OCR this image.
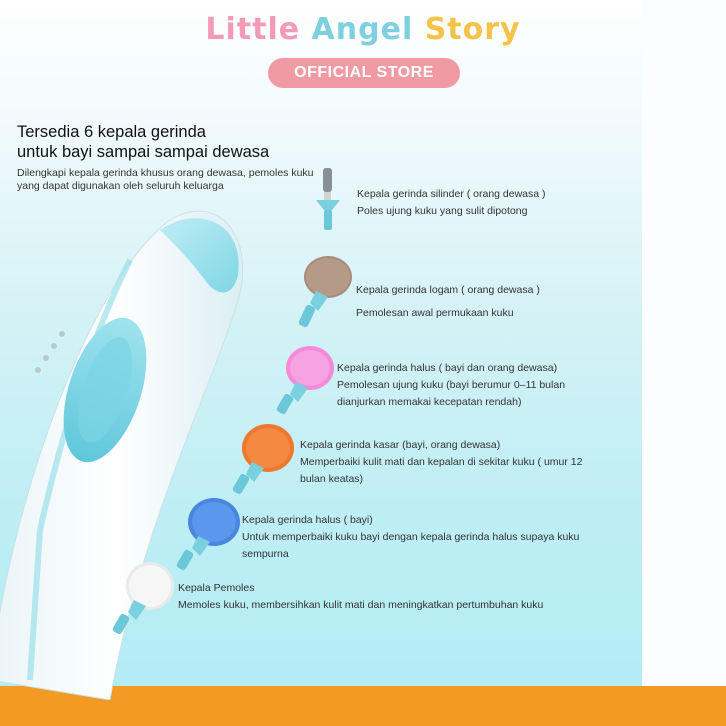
Little Angel Story
OFFICIAL STORE
Tersedia 6 kepala gerinda
untuk bayi sampai sampai dewasa
Dilengkapi kepala gerinda khusus orang dewasa, pemoles kuku yang dapat digunakan oleh seluruh keluarga
Kepala gerinda silinder ( orang dewasa )
Poles ujung kuku yang sulit dipotong
Kepala gerinda logam ( orang dewasa )
Pemolesan awal permukaan kuku
Kepala gerinda halus ( bayi dan orang dewasa)
Pemolesan ujung kuku (bayi berumur 0–11 bulan dianjurkan memakai kecepatan rendah)
Kepala gerinda kasar (bayi, orang dewasa)
Memperbaiki kulit mati dan kepalan di sekitar kuku ( umur 12 bulan keatas)
Kepala gerinda halus ( bayi)
Untuk memperbaiki kuku bayi dengan kepala gerinda halus supaya kuku sempurna
Kepala Pemoles
Memoles kuku, membersihkan kulit mati dan meningkatkan pertumbuhan kuku
